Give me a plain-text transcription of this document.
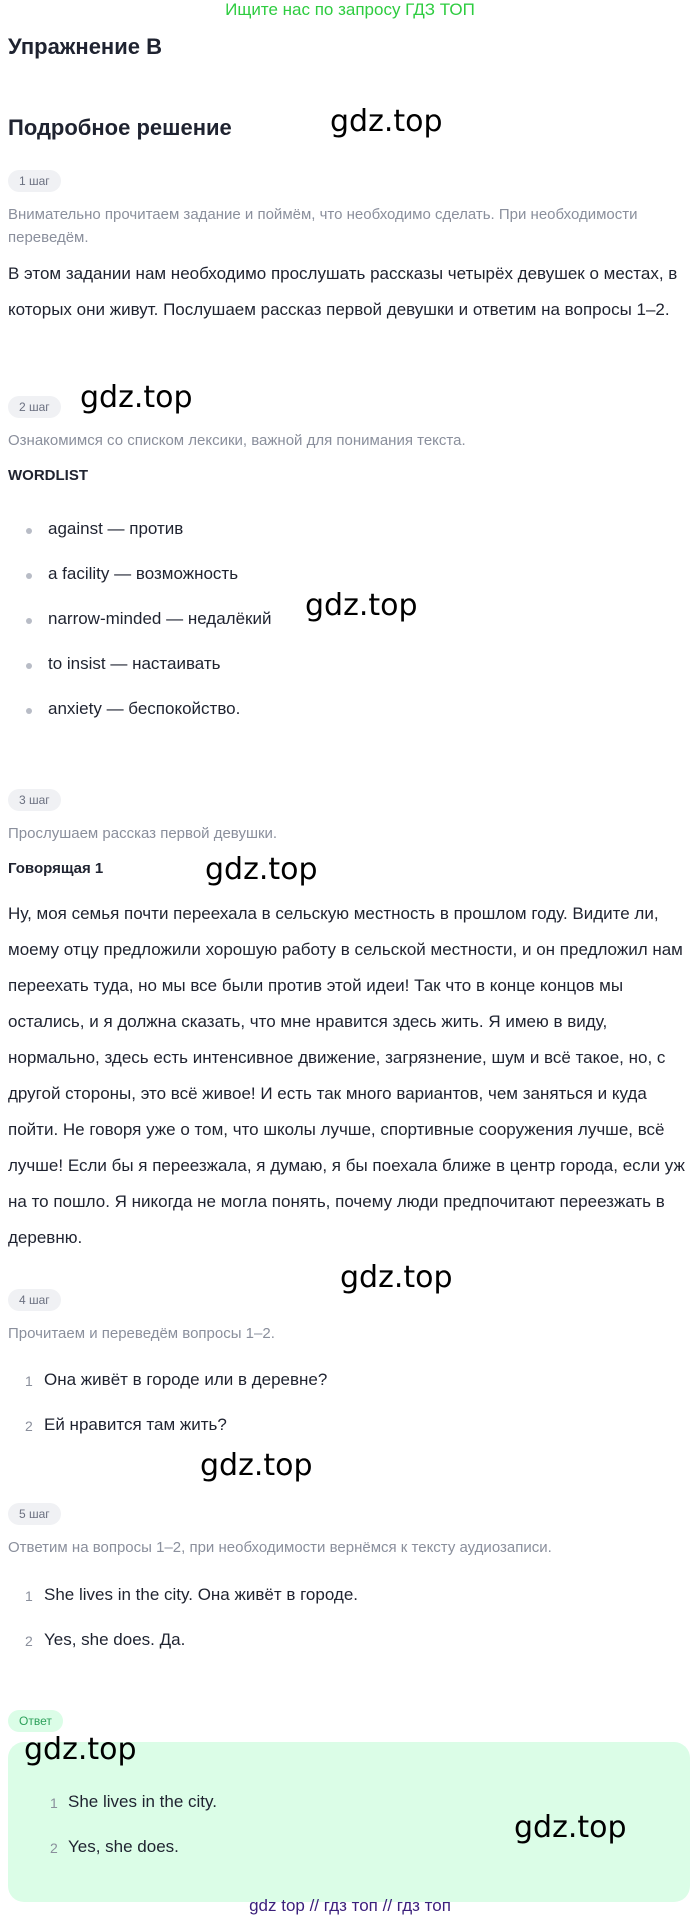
Ищите нас по запросу ГДЗ ТОП
Упражнение B
Подробное решение	gdz.top
1 шаг
Внимательно прочитаем задание и поймём, что необходимо сделать. При необходимости переведём.
В этом задании нам необходимо прослушать рассказы четырёх девушек о местах, в которых они живут. Послушаем рассказ первой девушки и ответим на вопросы 1–2.
2 шаг	gdz.top
Ознакомимся со списком лексики, важной для понимания текста.
WORDLIST
against — против
a facility — возможность
narrow-minded — недалёкий gdz.top
to insist — настаивать
anxiety — беспокойство.
3 шаг
Прослушаем рассказ первой девушки.
Говорящая 1	gdz.top
Ну, моя семья почти переехала в сельскую местность в прошлом году. Видите ли, моему отцу предложили хорошую работу в сельской местности, и он предложил нам переехать туда, но мы все были против этой идеи! Так что в конце концов мы остались, и я должна сказать, что мне нравится здесь жить. Я имею в виду, нормально, здесь есть интенсивное движение, загрязнение, шум и всё такое, но, с другой стороны, это всё живое! И есть так много вариантов, чем заняться и куда пойти. Не говоря уже о том, что школы лучше, спортивные сооружения лучше, всё лучше! Если бы я переезжала, я думаю, я бы поехала ближе в центр города, если уж на то пошло. Я никогда не могла понять, почему люди предпочитают переезжать в деревню.
gdz.top
4 шаг
Прочитаем и переведём вопросы 1–2.
1 Она живёт в городе или в деревне?
2 Ей нравится там жить?
gdz.top
5 шаг
Ответим на вопросы 1–2, при необходимости вернёмся к тексту аудиозаписи.
1 She lives in the city. Она живёт в городе.
2 Yes, she does. Да.
Ответ
gdz.top
1 She lives in the city.
2 Yes, she does.
gdz.top
gdz top // гдз топ // гдз топ
